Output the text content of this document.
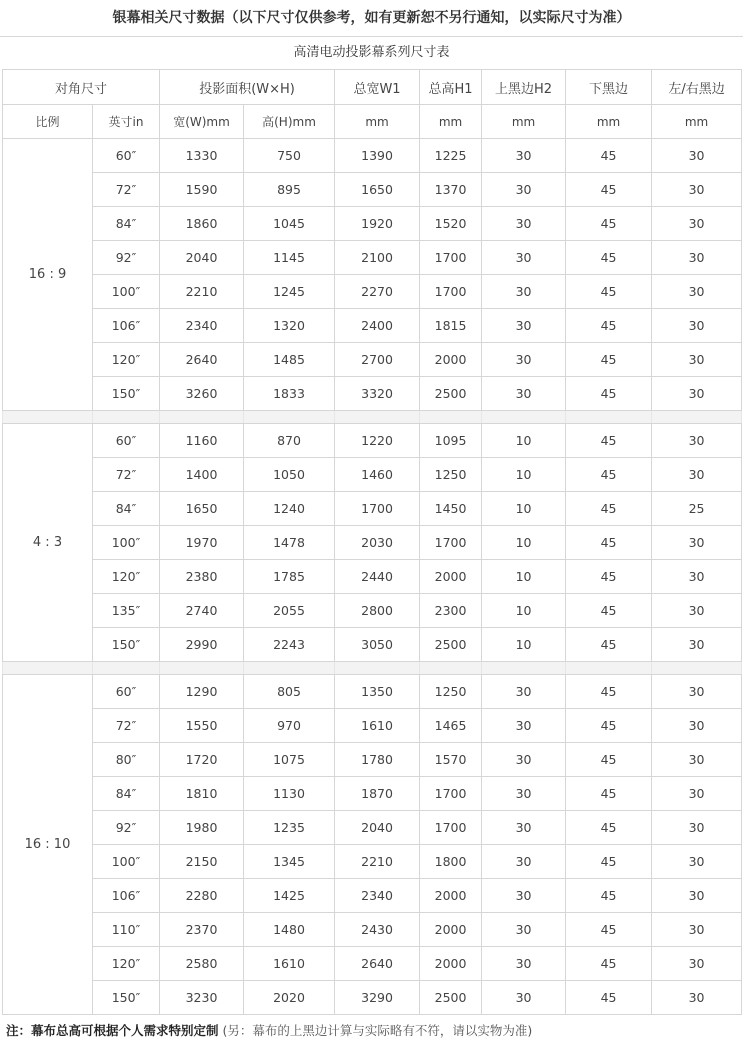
银幕相关尺寸数据（以下尺寸仅供参考，如有更新恕不另行通知，以实际尺寸为准）
高清电动投影幕系列尺寸表
对角尺寸		投影面积(W×H)		总宽W1	总高H1	上黑边H2	下黑边	左/右黑边
比例	英寸in	宽(W)mm	高(H)mm	mm	mm	mm	mm	mm
16 : 9	60″	1330	750	1390	1225	30	45	30
	72″	1590	895	1650	1370	30	45	30
	84″	1860	1045	1920	1520	30	45	30
	92″	2040	1145	2100	1700	30	45	30
	100″	2210	1245	2270	1700	30	45	30
	106″	2340	1320	2400	1815	30	45	30
	120″	2640	1485	2700	2000	30	45	30
	150″	3260	1833	3320	2500	30	45	30

4 : 3	60″	1160	870	1220	1095	10	45	30
	72″	1400	1050	1460	1250	10	45	30
	84″	1650	1240	1700	1450	10	45	25
	100″	1970	1478	2030	1700	10	45	30
	120″	2380	1785	2440	2000	10	45	30
	135″	2740	2055	2800	2300	10	45	30
	150″	2990	2243	3050	2500	10	45	30

16 : 10	60″	1290	805	1350	1250	30	45	30
	72″	1550	970	1610	1465	30	45	30
	80″	1720	1075	1780	1570	30	45	30
	84″	1810	1130	1870	1700	30	45	30
	92″	1980	1235	2040	1700	30	45	30
	100″	2150	1345	2210	1800	30	45	30
	106″	2280	1425	2340	2000	30	45	30
	110″	2370	1480	2430	2000	30	45	30
	120″	2580	1610	2640	2000	30	45	30
	150″	3230	2020	3290	2500	30	45	30
注：幕布总高可根据个人需求特别定制 (另：幕布的上黑边计算与实际略有不符，请以实物为准)
